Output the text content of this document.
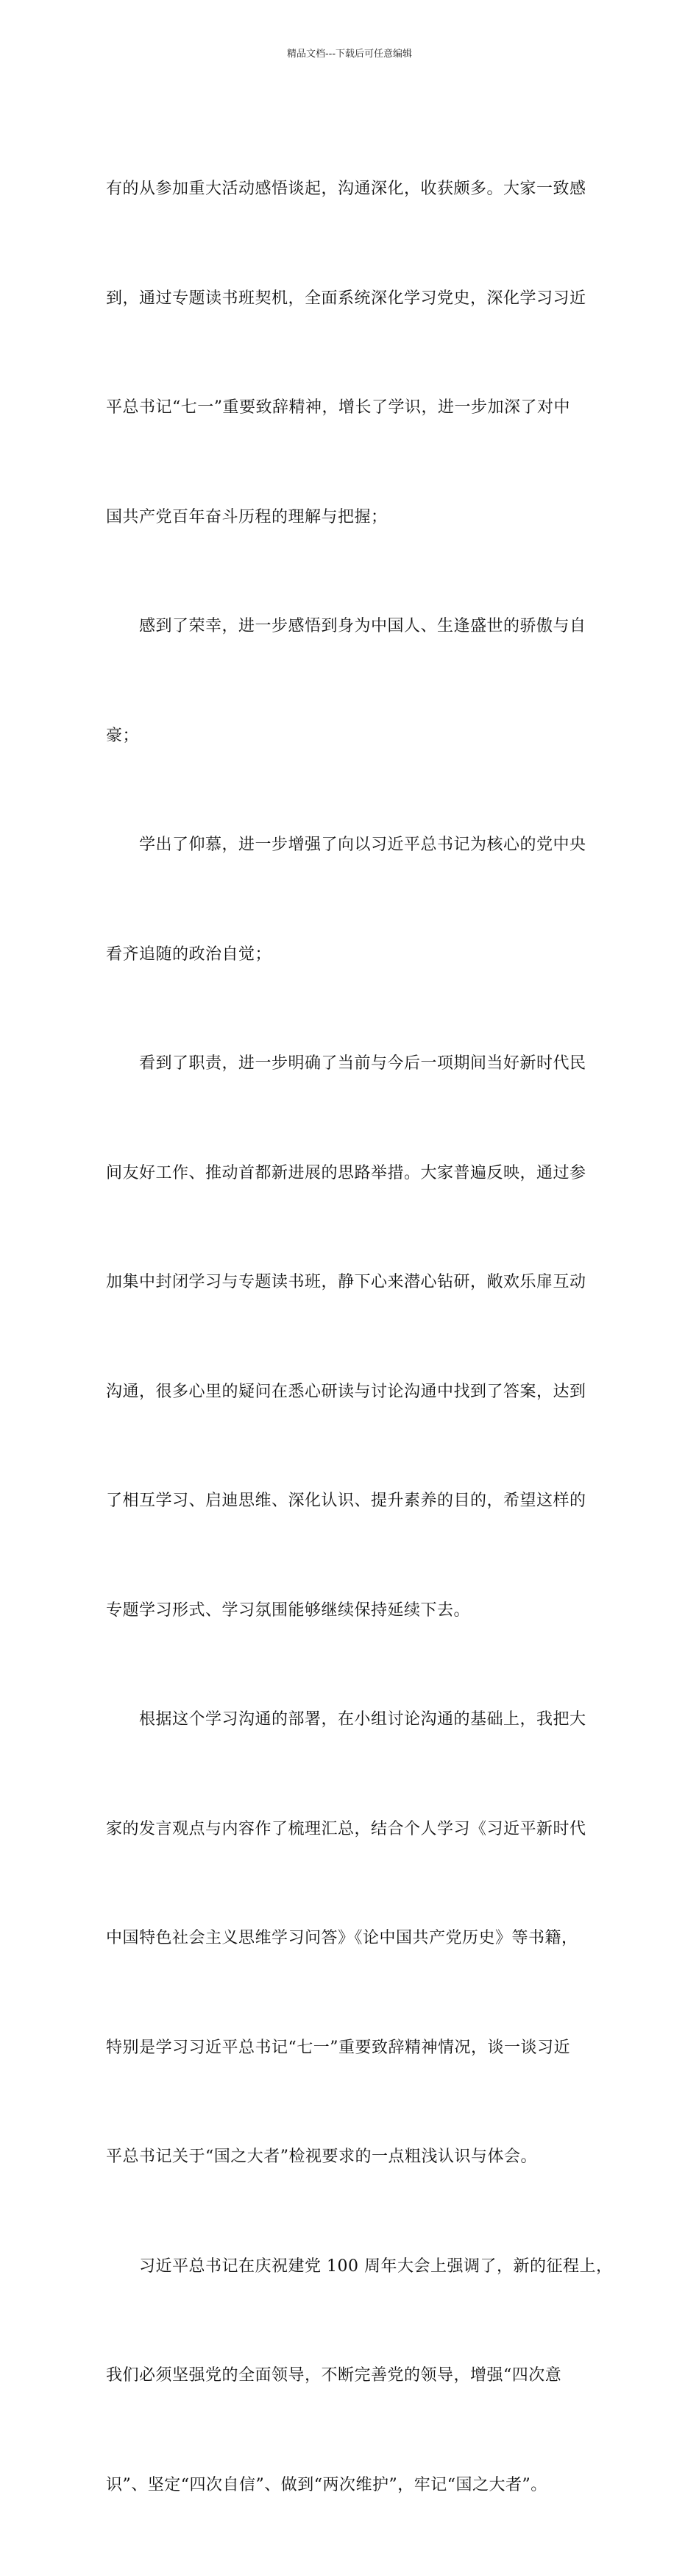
精品文档---下载后可任意编辑

有的从参加重大活动感悟谈起，沟通深化，收获颇多。大家一致感

到，通过专题读书班契机，全面系统深化学习党史，深化学习习近

平总书记“七一”重要致辞精神，增长了学识，进一步加深了对中

国共产党百年奋斗历程的理解与把握；

　　感到了荣幸，进一步感悟到身为中国人、生逢盛世的骄傲与自

豪；

　　学出了仰慕，进一步增强了向以习近平总书记为核心的党中央

看齐追随的政治自觉；

　　看到了职责，进一步明确了当前与今后一项期间当好新时代民

间友好工作、推动首都新进展的思路举措。大家普遍反映，通过参

加集中封闭学习与专题读书班，静下心来潜心钻研，敞欢乐扉互动

沟通，很多心里的疑问在悉心研读与讨论沟通中找到了答案，达到

了相互学习、启迪思维、深化认识、提升素养的目的，希望这样的

专题学习形式、学习氛围能够继续保持延续下去。

　　根据这个学习沟通的部署，在小组讨论沟通的基础上，我把大

家的发言观点与内容作了梳理汇总，结合个人学习《习近平新时代

中国特色社会主义思维学习问答》《论中国共产党历史》等书籍，

特别是学习习近平总书记“七一”重要致辞精神情况，谈一谈习近

平总书记关于“国之大者”检视要求的一点粗浅认识与体会。

　　习近平总书记在庆祝建党 100 周年大会上强调了，新的征程上，

我们必须坚强党的全面领导，不断完善党的领导，增强“四次意

识”、坚定“四次自信”、做到“两次维护”，牢记“国之大者”。
